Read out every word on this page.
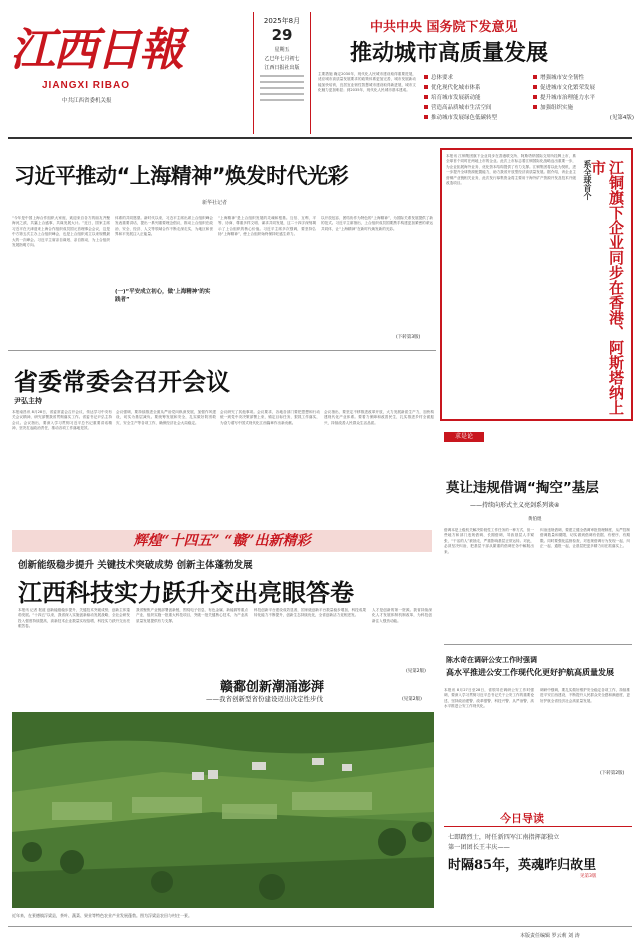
江西日報
JIANGXI RIBAO
中共江西省委机关报
2025年8月
29
星期五
乙巳年七月初七
江西日报社出版
中共中央 国务院下发意见
推动城市高质量发展
主要措施 确定2030年，现代化人民城市建设取得重要进展，适应城市高质量发展要求的政策体系更加完善，城市发展新动能加快培育，宜居宜业韧性智慧城市建设取得新进展，城市文化魅力更加彰显；到2035年，现代化人民城市基本建成。
总体要求	增强城市安全韧性
优化现代化城市体系	促进城市文化繁荣发展
培育城市发展新动能	提升城市治理能力水平
营造高品质城市生活空间	加强组织实施
推动城市发展绿色低碳转型	(见第4版)
习近平推动“上海精神”焕发时代光彩
新华社记者
“今年是中国上海合作组织大家庭，欢迎来自各方的朋友齐聚海河之滨，共襄上合盛事，共谋发展大计。”近日，国家主席习近平在天津迎来上海合作组织成员国元首理事会会议，这是中方第五次主办上合组织峰会，也是上合组织成立以来规模最大的一次峰会。习近平主席亲自谋划、亲自推动，为上合组织发展指明方向。
体系的共同愿望。新时代以来，习近平主席出席上合组织峰会发表重要讲话，提出一系列重要理念倡议，推动上合组织在政治、安全、经济、人文等领域合作不断走深走实，为地区和世界和平发展注入正能量。
(一)“平安成立初心，做‘上海精神’的实践者”
“上海精神”是上合组织发展的灵魂和根基。互信、互利、平等、协商、尊重多样文明、谋求共同发展，这二十四字深刻揭示了上合组织的核心价值。习近平主席多次强调，要坚持弘扬“上海精神”，使上合组织始终保持旺盛生命力。
以开放包容、团结协作为特色的“上海精神”，为国际关系发展提供了新的范式。习近平主席指出，上合组织成员国要携手构建更加紧密的命运共同体，让“上海精神”在新时代焕发新的光彩。
(下转第3版)
本报讯 江铜集团旗下企业同步在香港联交所、阿斯塔纳国际交易所挂牌上市，系全球首个同时在两地上市的企业。此次上市标志着江铜国际化战略迈出重要一步，为企业拓展海外业务、优化资本结构提供了有力支撑。江铜集团将以此为契机，进一步提升全球资源配置能力，助力我省开放型经济高质量发展。据介绍，该企业主营铜产业链相关业务，此次发行募集资金将主要用于海外矿产资源开发及技术升级改造项目。	系全球首个	江铜旗下企业同步在香港、阿斯塔纳上市
省委常委会召开会议
尹弘主持
本报南昌讯 8月28日，省委常委会召开会议，传达学习中央有关会议精神，研究部署我省贯彻落实工作。省委书记尹弘主持会议。会议指出，要深入学习贯彻习近平总书记重要讲话精神，坚决扛起政治责任，推动各项工作落地见效。
会议强调，要持续推进全面从严治党向纵深发展，加强作风建设，切实为基层减负。要统筹发展和安全，扎实做好防汛救灾、安全生产等各项工作，确保经济社会大局稳定。
会议研究了其他事项。会议要求，各地各部门要把思想和行动统一到党中央决策部署上来，锚定目标任务，狠抓工作落实，为奋力谱写中国式现代化江西篇章作出新贡献。
会议指出，要坚定不移推进改革开放，大力发展新质生产力，加快构建现代化产业体系。要着力保障和改善民生，扎实推进乡村全面振兴，持续改善人民群众生活品质。
辉煌“十四五” “赣”出新精彩
创新能级稳步提升 关键技术突破成势 创新主体蓬勃发展
江西科技实力跃升交出亮眼答卷
本报讯 记者 报道 创新能级稳步提升，关键技术突破成势，创新主体蓬勃发展。“十四五”以来，我省深入实施创新驱动发展战略，全社会研发投入强度持续提高，高新技术企业数量实现倍增，科技实力跃升交出亮眼答卷。
我省聚焦产业链部署创新链，围绕电子信息、有色金属、新能源等重点产业，组织实施一批重大科技项目，突破一批关键核心技术，为产业高质量发展提供有力支撑。
科技创新平台建设成效显著，国家级创新平台数量稳步增加，科技成果转化能力不断提升，创新生态持续优化，全省创新活力竞相迸发。
人才是创新的第一资源。我省持续深化人才发展体制机制改革，为科技创新注入强劲动能。
(见第2版)
赣鄱创新潮涌澎湃
——我省创新型省份建设迈出决定性步伐	(见第2版)
近年来，在景德镇浮梁县，茶叶、蔬菜、果业等特色农业产业发展蓬勃。图为浮梁县农田与村庄一景。
求是论
莫让违规借调“掏空”基层
——持续向形式主义亮剑系列谈④
黄伯煜
借调本是上级机关解决阶段性工作任务的一种方式，但一些地方和部门违规借调、长期借调，导致基层人手紧张，“干活的人”被抽走，严重影响基层正常运转。对此，必须坚决纠治，把基层干部从繁重的借调任务中解脱出来。
纠治违规借调，要建立健全借调审批管理制度，从严控制借调数量和期限，切实做到借调有依据、有程序、有期限。同时要强化监督检查，对违规借调行为发现一起、纠正一起、通报一起，让基层把更多精力用在抓落实上。
陈水奇在调研公安工作时强调
高水平推进公安工作现代化更好护航高质量发展
本报讯 8月27日至28日，省领导在调研公安工作时强调，要深入学习贯彻习近平总书记关于公安工作的重要论述，坚持政治建警、改革强警、科技兴警、从严治警，高水平推进公安工作现代化。
调研中强调，要扎实做好维护安全稳定各项工作，持续推进平安江西建设，不断提升人民群众安全感和满意度，更好护航全省经济社会高质量发展。
(下转第2版)
今日导读
七即踏烈士，时任新四军江南指挥部独立
第一团团长王丰庆——
时隔85年，英魂昨归故里
见第3版
本版责任编辑 罗云莉 刘 涛
